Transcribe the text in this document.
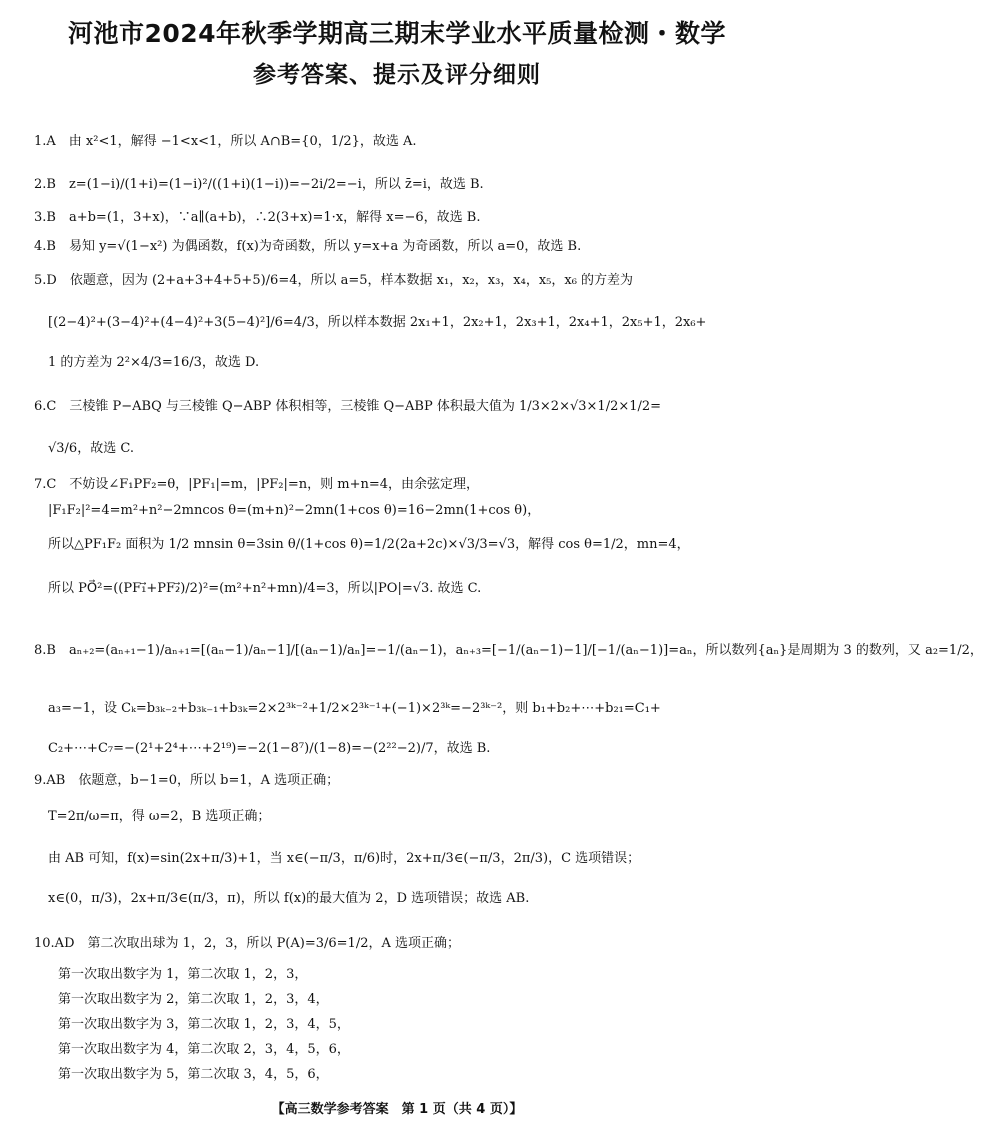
河池市2024年秋季学期高三期末学业水平质量检测・数学
参考答案、提示及评分细则
1.A　由 x²<1，解得 −1<x<1，所以 A∩B={0，1/2}，故选 A.
2.B　z=(1−i)/(1+i)=(1−i)²/((1+i)(1−i))=−2i/2=−i，所以 z̄=i，故选 B.
3.B　a+b=(1，3+x)，∵a∥(a+b)，∴2(3+x)=1·x，解得 x=−6，故选 B.
4.B　易知 y=√(1−x²) 为偶函数，f(x)为奇函数，所以 y=x+a 为奇函数，所以 a=0，故选 B.
5.D　依题意，因为 (2+a+3+4+5+5)/6=4，所以 a=5，样本数据 x₁，x₂，x₃，x₄，x₅，x₆ 的方差为
[(2−4)²+(3−4)²+(4−4)²+3(5−4)²]/6=4/3，所以样本数据 2x₁+1，2x₂+1，2x₃+1，2x₄+1，2x₅+1，2x₆+
1 的方差为 2²×4/3=16/3，故选 D.
6.C　三棱锥 P−ABQ 与三棱锥 Q−ABP 体积相等，三棱锥 Q−ABP 体积最大值为 1/3×2×√3×1/2×1/2=
√3/6，故选 C.
7.C　不妨设∠F₁PF₂=θ，|PF₁|=m，|PF₂|=n，则 m+n=4，由余弦定理，
|F₁F₂|²=4=m²+n²−2mncos θ=(m+n)²−2mn(1+cos θ)=16−2mn(1+cos θ)，
所以△PF₁F₂ 面积为 1/2 mnsin θ=3sin θ/(1+cos θ)=1/2(2a+2c)×√3/3=√3，解得 cos θ=1/2，mn=4，
所以 PO⃗²=((PF₁⃗+PF₂⃗)/2)²=(m²+n²+mn)/4=3，所以|PO|=√3. 故选 C.
8.B　aₙ₊₂=(aₙ₊₁−1)/aₙ₊₁=[(aₙ−1)/aₙ−1]/[(aₙ−1)/aₙ]=−1/(aₙ−1)，aₙ₊₃=[−1/(aₙ−1)−1]/[−1/(aₙ−1)]=aₙ，所以数列{aₙ}是周期为 3 的数列，又 a₂=1/2，
a₃=−1，设 Cₖ=b₃ₖ₋₂+b₃ₖ₋₁+b₃ₖ=2×2³ᵏ⁻²+1/2×2³ᵏ⁻¹+(−1)×2³ᵏ=−2³ᵏ⁻²，则 b₁+b₂+⋯+b₂₁=C₁+
C₂+⋯+C₇=−(2¹+2⁴+⋯+2¹⁹)=−2(1−8⁷)/(1−8)=−(2²²−2)/7，故选 B.
9.AB　依题意，b−1=0，所以 b=1，A 选项正确；
T=2π/ω=π，得 ω=2，B 选项正确；
由 AB 可知，f(x)=sin(2x+π/3)+1，当 x∈(−π/3，π/6)时，2x+π/3∈(−π/3，2π/3)，C 选项错误；
x∈(0，π/3)，2x+π/3∈(π/3，π)，所以 f(x)的最大值为 2，D 选项错误；故选 AB.
10.AD　第二次取出球为 1，2，3，所以 P(A)=3/6=1/2，A 选项正确；
第一次取出数字为 1，第二次取 1，2，3，
第一次取出数字为 2，第二次取 1，2，3，4，
第一次取出数字为 3，第二次取 1，2，3，4，5，
第一次取出数字为 4，第二次取 2，3，4，5，6，
第一次取出数字为 5，第二次取 3，4，5，6，
【高三数学参考答案　第 1 页（共 4 页）】
